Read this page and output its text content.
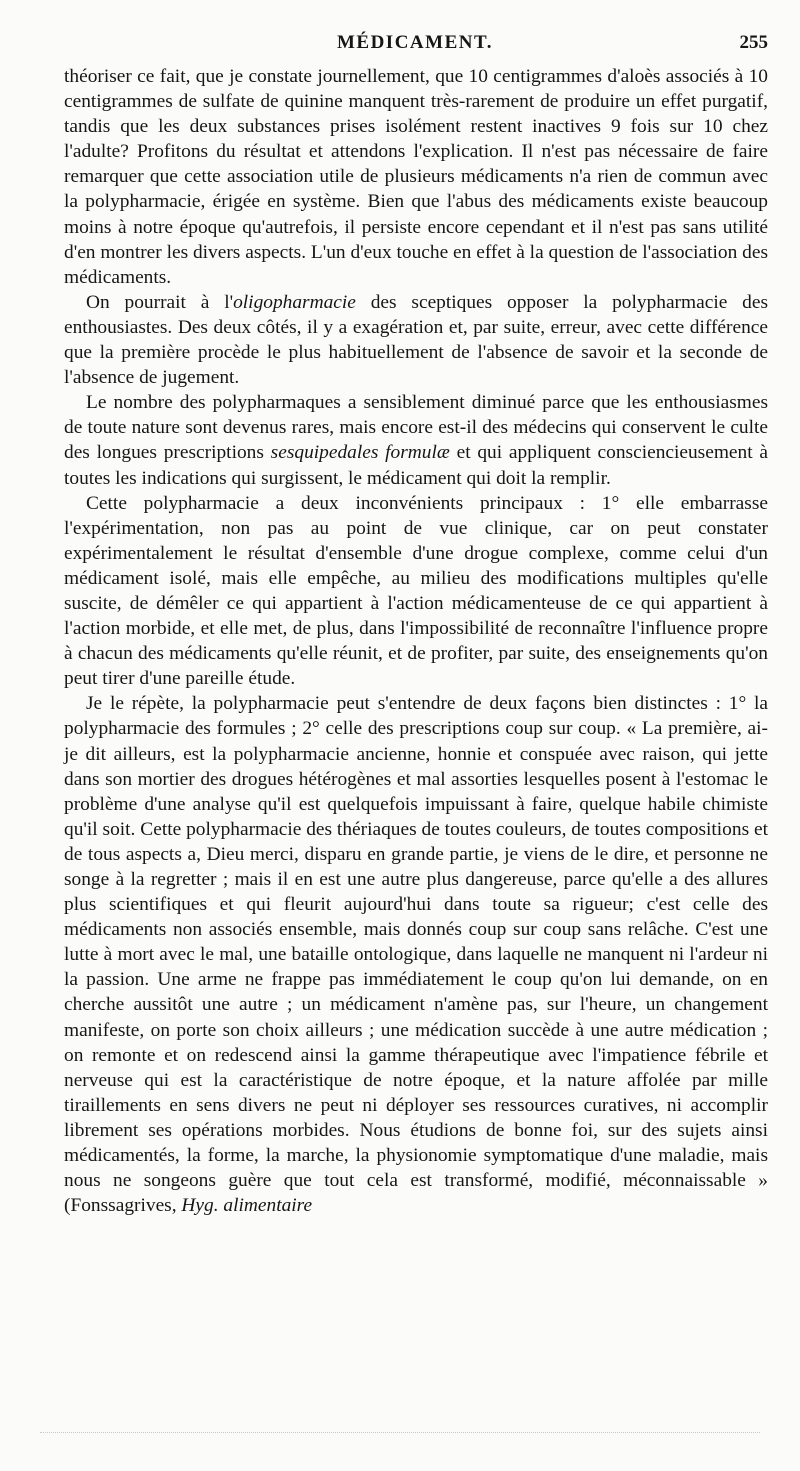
MÉDICAMENT.	255

théoriser ce fait, que je constate journellement, que 10 centigrammes d'aloès associés à 10 centigrammes de sulfate de quinine manquent très-rarement de produire un effet purgatif, tandis que les deux substances prises isolément restent inactives 9 fois sur 10 chez l'adulte? Profitons du résultat et attendons l'explication. Il n'est pas nécessaire de faire remarquer que cette association utile de plusieurs médicaments n'a rien de commun avec la polypharmacie, érigée en système. Bien que l'abus des médicaments existe beaucoup moins à notre époque qu'autrefois, il persiste encore cependant et il n'est pas sans utilité d'en montrer les divers aspects. L'un d'eux touche en effet à la question de l'association des médicaments.

On pourrait à l'oligopharmacie des sceptiques opposer la polypharmacie des enthousiastes. Des deux côtés, il y a exagération et, par suite, erreur, avec cette différence que la première procède le plus habituellement de l'absence de savoir et la seconde de l'absence de jugement.

Le nombre des polypharmaques a sensiblement diminué parce que les enthousiasmes de toute nature sont devenus rares, mais encore est-il des médecins qui conservent le culte des longues prescriptions sesquipedales formulæ et qui appliquent consciencieusement à toutes les indications qui surgissent, le médicament qui doit la remplir.

Cette polypharmacie a deux inconvénients principaux : 1° elle embarrasse l'expérimentation, non pas au point de vue clinique, car on peut constater expérimentalement le résultat d'ensemble d'une drogue complexe, comme celui d'un médicament isolé, mais elle empêche, au milieu des modifications multiples qu'elle suscite, de démêler ce qui appartient à l'action médicamenteuse de ce qui appartient à l'action morbide, et elle met, de plus, dans l'impossibilité de reconnaître l'influence propre à chacun des médicaments qu'elle réunit, et de profiter, par suite, des enseignements qu'on peut tirer d'une pareille étude.

Je le répète, la polypharmacie peut s'entendre de deux façons bien distinctes : 1° la polypharmacie des formules ; 2° celle des prescriptions coup sur coup. « La première, ai-je dit ailleurs, est la polypharmacie ancienne, honnie et conspuée avec raison, qui jette dans son mortier des drogues hétérogènes et mal assorties lesquelles posent à l'estomac le problème d'une analyse qu'il est quelquefois impuissant à faire, quelque habile chimiste qu'il soit. Cette polypharmacie des thériaques de toutes couleurs, de toutes compositions et de tous aspects a, Dieu merci, disparu en grande partie, je viens de le dire, et personne ne songe à la regretter ; mais il en est une autre plus dangereuse, parce qu'elle a des allures plus scientifiques et qui fleurit aujourd'hui dans toute sa rigueur; c'est celle des médicaments non associés ensemble, mais donnés coup sur coup sans relâche. C'est une lutte à mort avec le mal, une bataille ontologique, dans laquelle ne manquent ni l'ardeur ni la passion. Une arme ne frappe pas immédiatement le coup qu'on lui demande, on en cherche aussitôt une autre ; un médicament n'amène pas, sur l'heure, un changement manifeste, on porte son choix ailleurs ; une médication succède à une autre médication ; on remonte et on redescend ainsi la gamme thérapeutique avec l'impatience fébrile et nerveuse qui est la caractéristique de notre époque, et la nature affolée par mille tiraillements en sens divers ne peut ni déployer ses ressources curatives, ni accomplir librement ses opérations morbides. Nous étudions de bonne foi, sur des sujets ainsi médicamentés, la forme, la marche, la physionomie symptomatique d'une maladie, mais nous ne songeons guère que tout cela est transformé, modifié, méconnaissable » (Fonssagrives, Hyg. alimentaire
